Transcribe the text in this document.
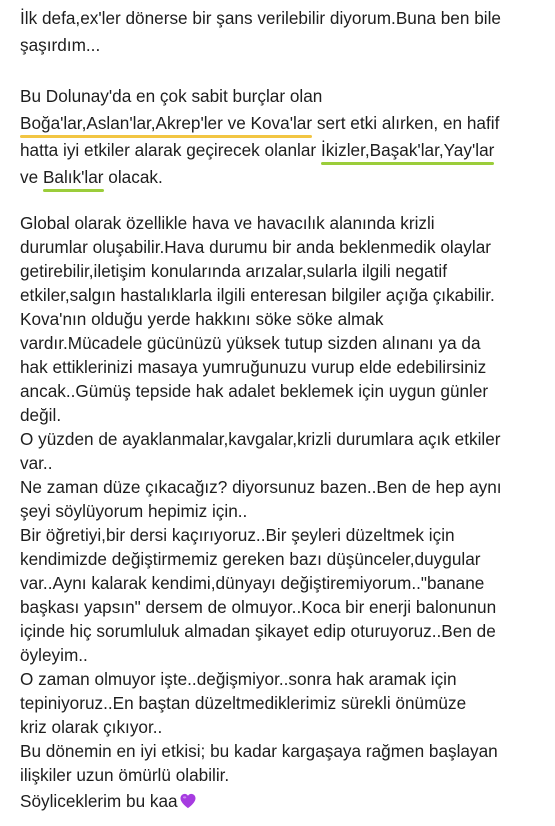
İlk defa,ex'ler dönerse bir şans verilebilir diyorum.Buna ben bile
şaşırdım...
Bu Dolunay'da en çok sabit burçlar olan
Boğa'lar,Aslan'lar,Akrep'ler ve Kova'lar sert etki alırken, en hafif
hatta iyi etkiler alarak geçirecek olanlar İkizler,Başak'lar,Yay'lar
ve Balık'lar olacak.
Global olarak özellikle hava ve havacılık alanında krizli
durumlar oluşabilir.Hava durumu bir anda beklenmedik olaylar
getirebilir,iletişim konularında arızalar,sularla ilgili negatif
etkiler,salgın hastalıklarla ilgili enteresan bilgiler açığa çıkabilir.
Kova'nın olduğu yerde hakkını söke söke almak
vardır.Mücadele gücünüzü yüksek tutup sizden alınanı ya da
hak ettiklerinizi masaya yumruğunuzu vurup elde edebilirsiniz
ancak..Gümüş tepside hak adalet beklemek için uygun günler
değil.
O yüzden de ayaklanmalar,kavgalar,krizli durumlara açık etkiler
var..
Ne zaman düze çıkacağız? diyorsunuz bazen..Ben de hep aynı
şeyi söylüyorum hepimiz için..
Bir öğretiyi,bir dersi kaçırıyoruz..Bir şeyleri düzeltmek için
kendimizde değiştirmemiz gereken bazı düşünceler,duygular
var..Aynı kalarak kendimi,dünyayı değiştiremiyorum.."banane
başkası yapsın" dersem de olmuyor..Koca bir enerji balonunun
içinde hiç sorumluluk almadan şikayet edip oturuyoruz..Ben de
öyleyim..
O zaman olmuyor işte..değişmiyor..sonra hak aramak için
tepiniyoruz..En baştan düzeltmediklerimiz sürekli önümüze
kriz olarak çıkıyor..
Bu dönemin en iyi etkisi; bu kadar kargaşaya rağmen başlayan
ilişkiler uzun ömürlü olabilir.
Söyliceklerim bu kaa
